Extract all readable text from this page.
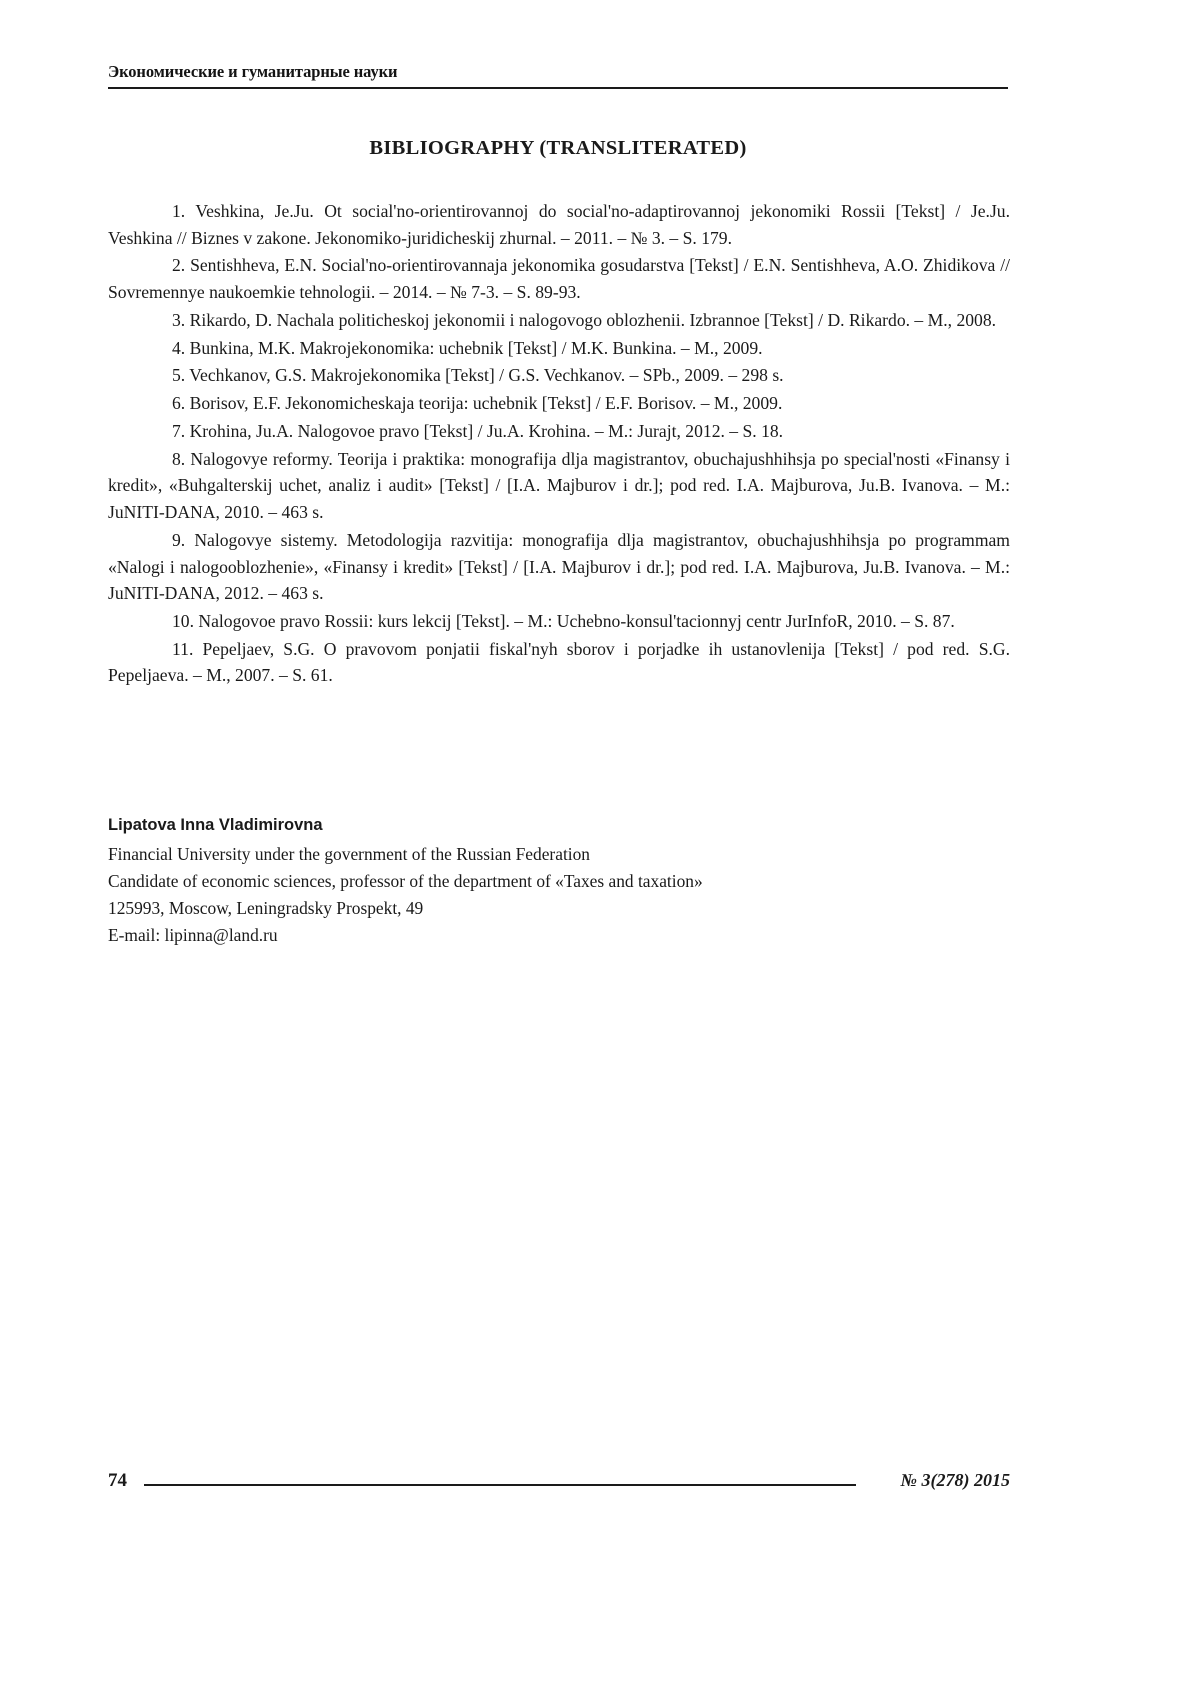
Экономические и гуманитарные науки
BIBLIOGRAPHY (TRANSLITERATED)

1. Veshkina, Je.Ju. Ot social'no-orientirovannoj do social'no-adaptirovannoj jekonomiki Rossii [Tekst] / Je.Ju. Veshkina // Biznes v zakone. Jekonomiko-juridicheskij zhurnal. – 2011. – № 3. – S. 179.

2. Sentishheva, E.N. Social'no-orientirovannaja jekonomika gosudarstva [Tekst] / E.N. Sentishheva, A.O. Zhidikova // Sovremennye naukoemkie tehnologii. – 2014. – № 7-3. – S. 89-93.

3. Rikardo, D. Nachala politicheskoj jekonomii i nalogovogo oblozhenii. Izbrannoe [Tekst] / D. Rikardo. – M., 2008.

4. Bunkina, M.K. Makrojekonomika: uchebnik [Tekst] / M.K. Bunkina. – M., 2009.

5. Vechkanov, G.S. Makrojekonomika [Tekst] / G.S. Vechkanov. – SPb., 2009. – 298 s.

6. Borisov, E.F. Jekonomicheskaja teorija: uchebnik [Tekst] / E.F. Borisov. – M., 2009.

7. Krohina, Ju.A. Nalogovoe pravo [Tekst] / Ju.A. Krohina. – M.: Jurajt, 2012. – S. 18.

8. Nalogovye reformy. Teorija i praktika: monografija dlja magistrantov, obuchajushhihsja po special'nosti «Finansy i kredit», «Buhgalterskij uchet, analiz i audit» [Tekst] / [I.A. Majburov i dr.]; pod red. I.A. Majburova, Ju.B. Ivanova. – M.: JuNITI-DANA, 2010. – 463 s.

9. Nalogovye sistemy. Metodologija razvitija: monografija dlja magistrantov, obuchajushhihsja po programmam «Nalogi i nalogooblozhenie», «Finansy i kredit» [Tekst] / [I.A. Majburov i dr.]; pod red. I.A. Majburova, Ju.B. Ivanova. – M.: JuNITI-DANA, 2012. – 463 s.

10. Nalogovoe pravo Rossii: kurs lekcij [Tekst]. – M.: Uchebno-konsul'tacionnyj centr JurInfoR, 2010. – S. 87.

11. Pepeljaev, S.G. O pravovom ponjatii fiskal'nyh sborov i porjadke ih ustanovlenija [Tekst] / pod red. S.G. Pepeljaeva. – M., 2007. – S. 61.

Lipatova Inna Vladimirovna
Financial University under the government of the Russian Federation
Candidate of economic sciences, professor of the department of «Taxes and taxation»
125993, Moscow, Leningradsky Prospekt, 49
E-mail: lipinna@land.ru
74	№ 3(278) 2015
